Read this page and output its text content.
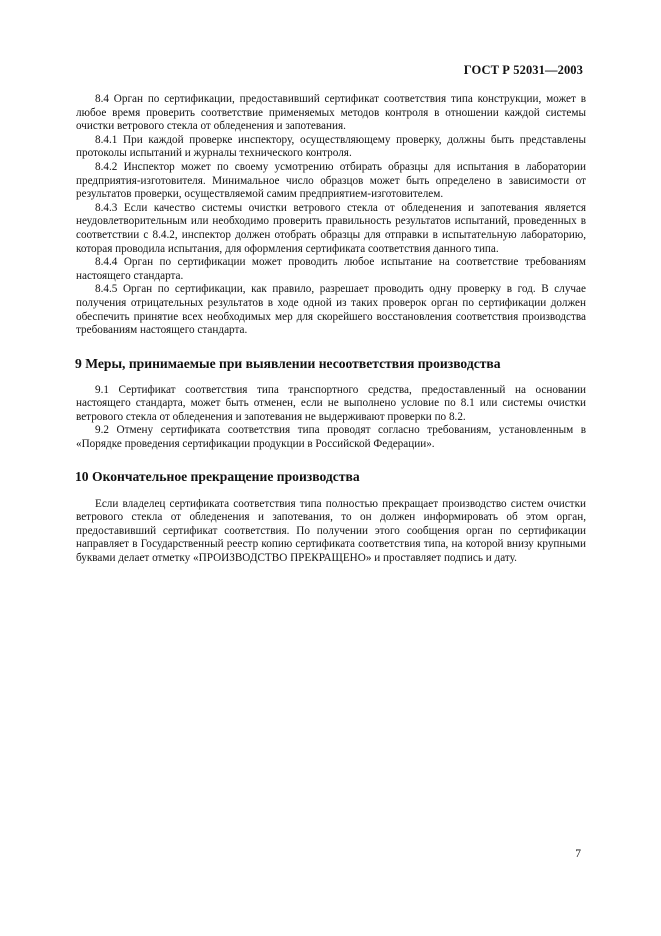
ГОСТ Р 52031—2003

8.4 Орган по сертификации, предоставивший сертификат соответствия типа конструкции, может в любое время проверить соответствие применяемых методов контроля в отношении каждой системы очистки ветрового стекла от обледенения и запотевания.

8.4.1 При каждой проверке инспектору, осуществляющему проверку, должны быть представлены протоколы испытаний и журналы технического контроля.

8.4.2 Инспектор может по своему усмотрению отбирать образцы для испытания в лаборатории предприятия-изготовителя. Минимальное число образцов может быть определено в зависимости от результатов проверки, осуществляемой самим предприятием-изготовителем.

8.4.3 Если качество системы очистки ветрового стекла от обледенения и запотевания является неудовлетворительным или необходимо проверить правильность результатов испытаний, проведенных в соответствии с 8.4.2, инспектор должен отобрать образцы для отправки в испытательную лабораторию, которая проводила испытания, для оформления сертификата соответствия данного типа.

8.4.4 Орган по сертификации может проводить любое испытание на соответствие требованиям настоящего стандарта.

8.4.5 Орган по сертификации, как правило, разрешает проводить одну проверку в год. В случае получения отрицательных результатов в ходе одной из таких проверок орган по сертификации должен обеспечить принятие всех необходимых мер для скорейшего восстановления соответствия производства требованиям настоящего стандарта.

9 Меры, принимаемые при выявлении несоответствия производства

9.1 Сертификат соответствия типа транспортного средства, предоставленный на основании настоящего стандарта, может быть отменен, если не выполнено условие по 8.1 или системы очистки ветрового стекла от обледенения и запотевания не выдерживают проверки по 8.2.

9.2 Отмену сертификата соответствия типа проводят согласно требованиям, установленным в «Порядке проведения сертификации продукции в Российской Федерации».

10 Окончательное прекращение производства

Если владелец сертификата соответствия типа полностью прекращает производство систем очистки ветрового стекла от обледенения и запотевания, то он должен информировать об этом орган, предоставивший сертификат соответствия. По получении этого сообщения орган по сертификации направляет в Государственный реестр копию сертификата соответствия типа, на которой внизу крупными буквами делает отметку «ПРОИЗВОДСТВО ПРЕКРАЩЕНО» и проставляет подпись и дату.

7
